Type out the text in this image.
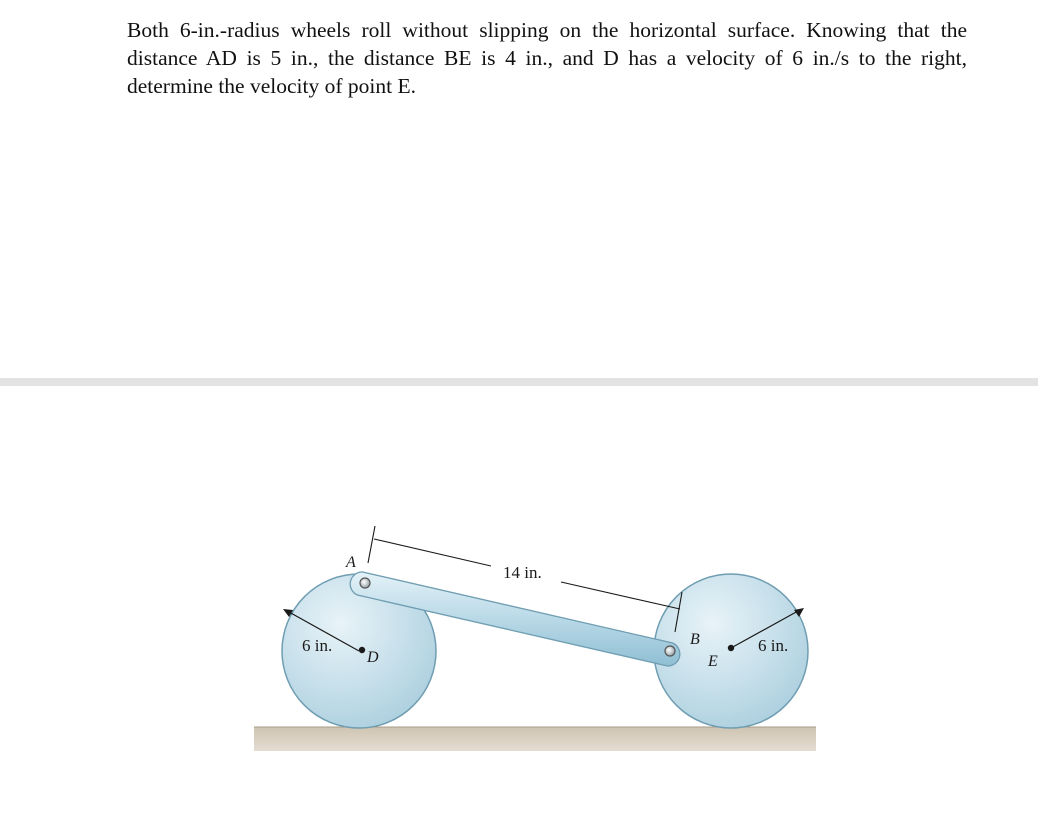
Both 6-in.-radius wheels roll without slipping on the horizontal surface. Knowing that the distance AD is 5 in., the distance BE is 4 in., and D has a velocity of 6 in./s to the right, determine the velocity of point E.
A
B
D	E
14 in.
6 in.	6 in.
